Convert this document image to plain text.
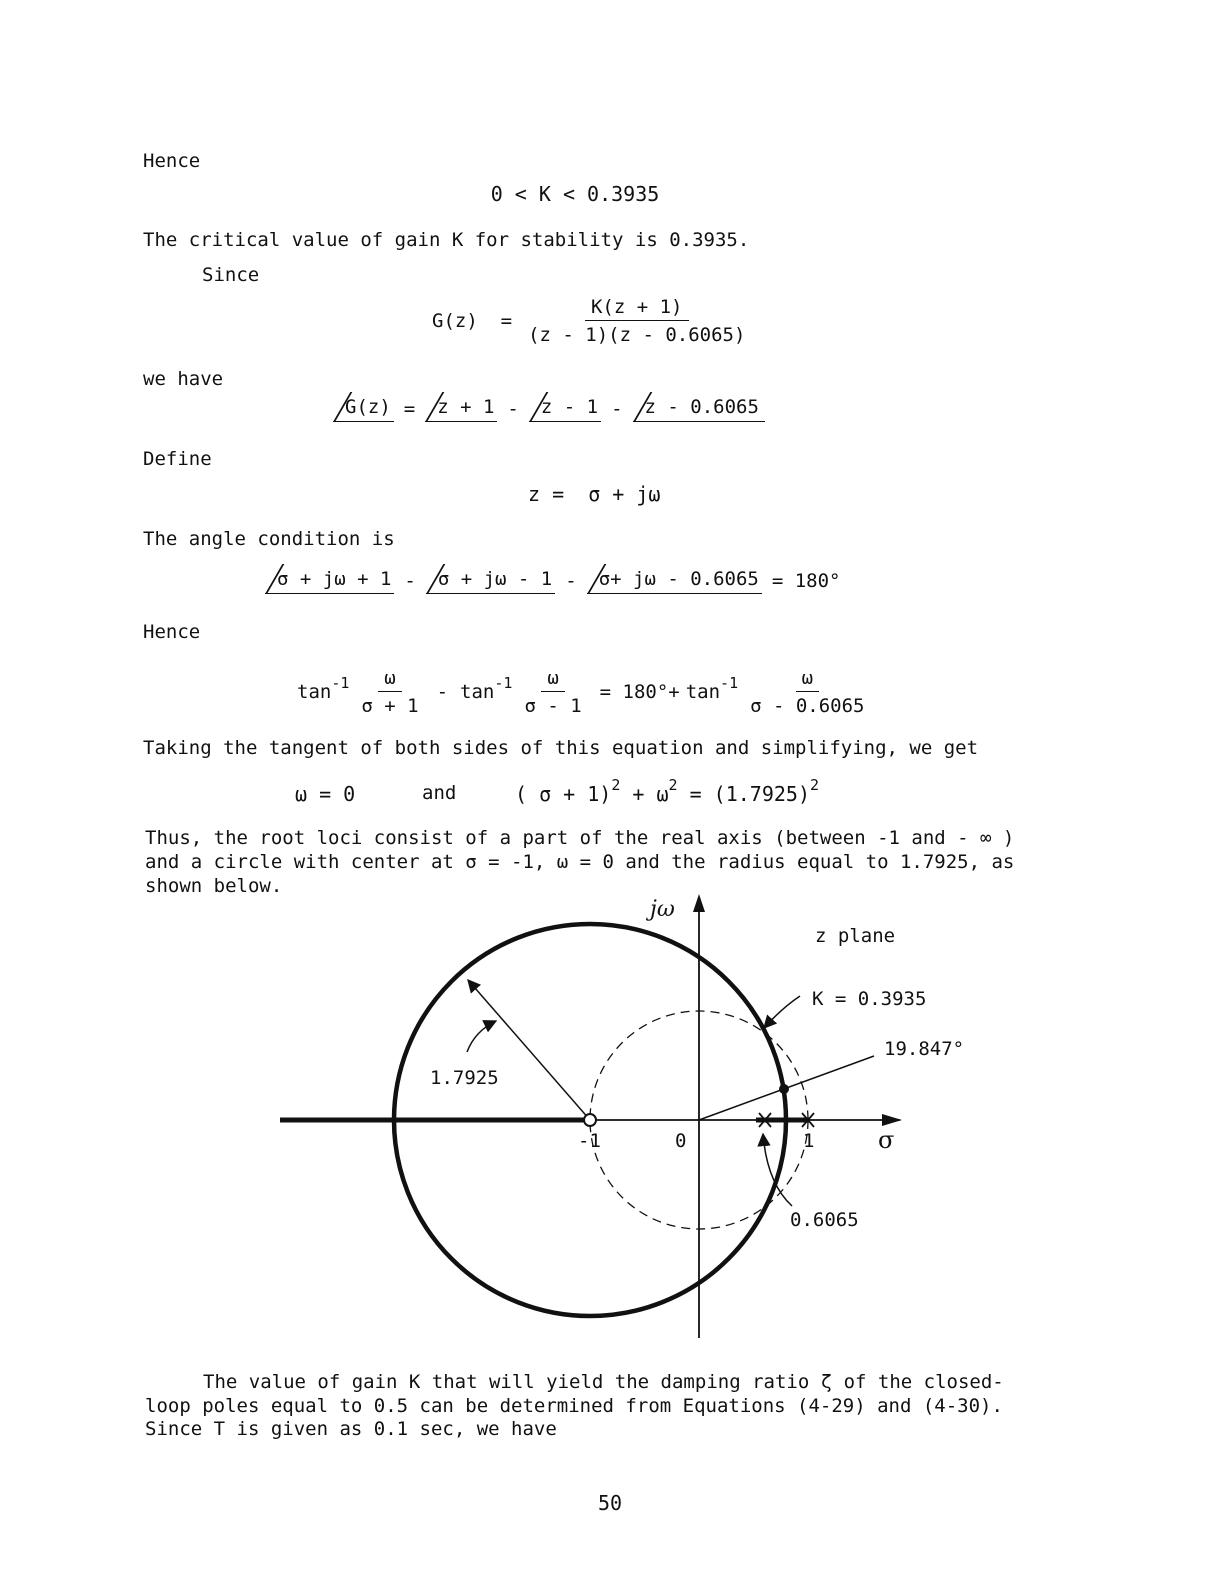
Hence
0 < K < 0.3935
The critical value of gain K for stability is 0.3935.
Since
$G(z) = \frac{K(z + 1)}{(z - 1)(z - 0.6065)}$
we have
G(z) =	z + 1 -	z - 1 -	z - 0.6065
Define
z =  σ + jω
The angle condition is
σ + jω + 1 -	σ + jω - 1 -	σ+ jω - 0.6065 = 180°
Hence
$\tan^{-1} \frac{\omega}{\sigma + 1} - \tan^{-1} \frac{\omega}{\sigma - 1} = 180^\circ+ \tan^{-1} \frac{\omega}{\sigma - 0.6065}$
Taking the tangent of both sides of this equation and simplifying, we get
ω = 0	and	( $\sigma + 1)^2 + \omega^2 = (1.7925)^2$
Thus, the root loci consist of a part of the real axis (between -1 and - ∞ )
and a circle with center at σ = -1, ω = 0 and the radius equal to 1.7925, as
shown below.
jω
z plane
K = 0.3935
19.847°
1.7925
-1	0	1	σ
0.6065
The value of gain K that will yield the damping ratio ζ of the closed-
loop poles equal to 0.5 can be determined from Equations (4-29) and (4-30).
Since T is given as 0.1 sec, we have
50
